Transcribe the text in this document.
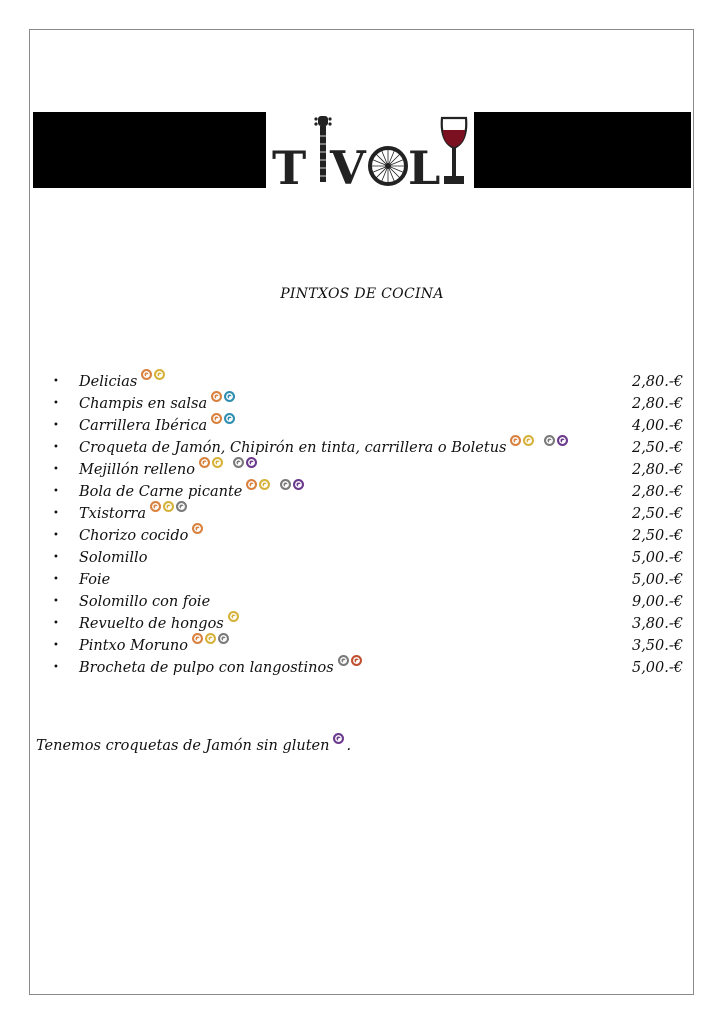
T V L
PINTXOS DE COCINA
• Delicias	2,80.-€
• Champis en salsa	2,80.-€
• Carrillera Ibérica	4,00.-€
• Croqueta de Jamón, Chipirón en tinta, carrillera o Boletus	2,50.-€
• Mejillón relleno	2,80.-€
• Bola de Carne picante	2,80.-€
• Txistorra	2,50.-€
• Chorizo cocido	2,50.-€
• Solomillo	5,00.-€
• Foie	5,00.-€
• Solomillo con foie	9,00.-€
• Revuelto de hongos	3,80.-€
• Pintxo Moruno	3,50.-€
• Brocheta de pulpo con langostinos	5,00.-€
Tenemos croquetas de Jamón sin gluten .
